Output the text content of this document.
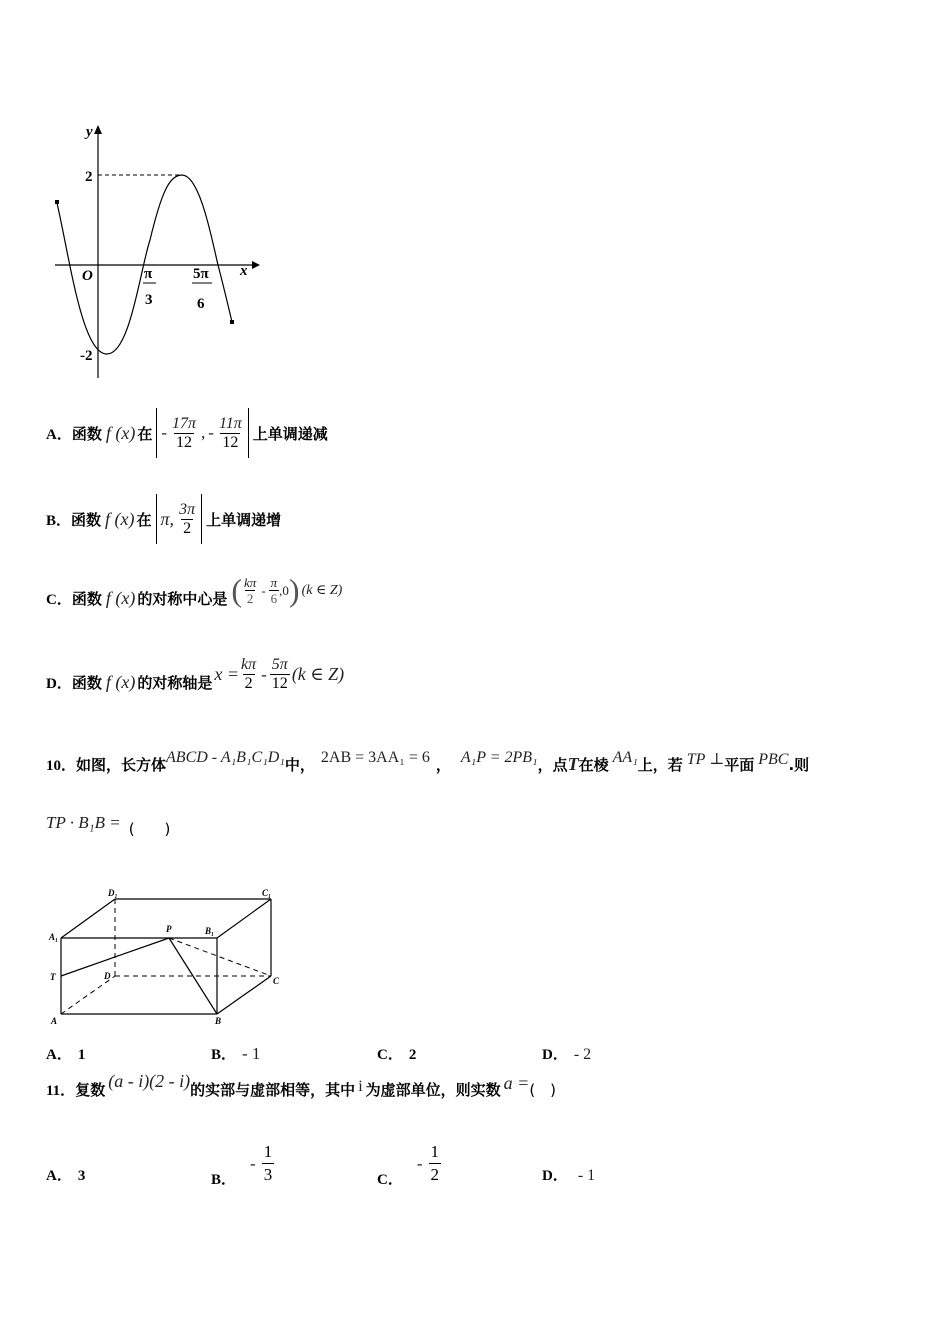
y
x
O
2
-2
π
3
5π
6
A． 函数 f (x) 在 - $\frac{17\pi}{12}$ , - $\frac{11\pi}{12}$ 上单调递减
B． 函数 f (x) 在 π, $\frac{3\pi}{2}$ 上单调递增
C． 函数 f (x) 的对称中心是 ( $\frac{k\pi}{2} - \frac{\pi}{6} ,0$ ) (k ∈ Z)
D． 函数 f (x) 的对称轴是 $x = \frac{k\pi}{2} - \frac{5\pi}{12} (k$ ∈ Z)
10． 如图，长方体 ABCD - A₁B₁C₁D₁ 中， 2AB = 3AA₁ = 6 ， A₁P = 2PB₁ ，点 T 在棱 AA₁ 上，若 TP ⊥ 平面 PBC .则
TP · B₁B = (　　)
D₁	C₁
A₁
P	B₁
T	D	C
A	B
A． 1	B． - 1	C． 2	D． - 2
11． 复数 (a - i)(2 - i) 的实部与虚部相等，其中 i 为虚部单位，则实数 a = (　)
A． 3	B．
- $\frac{1}{3}$	C．
- $\frac{1}{2}$	D． - 1
